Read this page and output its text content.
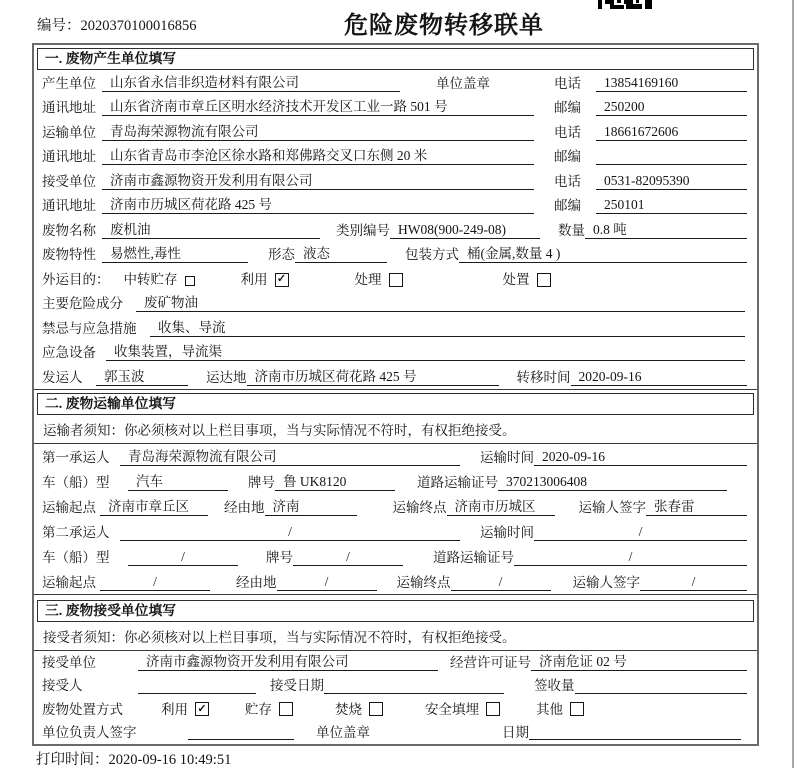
编号：2020370100016856	危险废物转移联单
一. 废物产生单位填写
产生单位	山东省永信非织造材料有限公司	单位盖章	电话	13854169160
通讯地址	山东省济南市章丘区明水经济技术开发区工业一路 501 号	邮编	250200
运输单位	青岛海荣源物流有限公司	电话	18661672606
通讯地址	山东省青岛市李沧区徐水路和郑佛路交叉口东侧 20 米	邮编
接受单位	济南市鑫源物资开发利用有限公司	电话	0531-82095390
通讯地址	济南市历城区荷花路 425 号	邮编	250101
废物名称	废机油	类别编号 HW08(900-249-08)	数量 0.8 吨
废物特性	易燃性,毒性	形态 液态	包装方式 桶(金属,数量 4 )
外运目的： 中转贮存	利用 ✓	处理	处置
主要危险成分	废矿物油
禁忌与应急措施	收集、导流
应急设备	收集装置，导流渠
发运人	郭玉波	运达地 济南市历城区荷花路 425 号	转移时间 2020-09-16
二. 废物运输单位填写
运输者须知：你必须核对以上栏目事项，当与实际情况不符时，有权拒绝接受。
第一承运人	青岛海荣源物流有限公司	运输时间 2020-09-16
车（船）型	汽车	牌号 鲁 UK8120	道路运输证号 370213006408
运输起点 济南市章丘区	经由地 济南	运输终点 济南市历城区	运输人签字 张春雷
第二承运人	/	运输时间	/
车（船）型	/	牌号	/	道路运输证号	/
运输起点	/	经由地	/	运输终点	/	运输人签字	/
三. 废物接受单位填写
接受者须知：你必须核对以上栏目事项，当与实际情况不符时，有权拒绝接受。
接受单位	济南市鑫源物资开发利用有限公司	经营许可证号 济南危证 02 号
接受人	接受日期	签收量
废物处置方式	利用 ✓	贮存	焚烧	安全填埋	其他
单位负责人签字	单位盖章	日期
打印时间：2020-09-16 10:49:51
